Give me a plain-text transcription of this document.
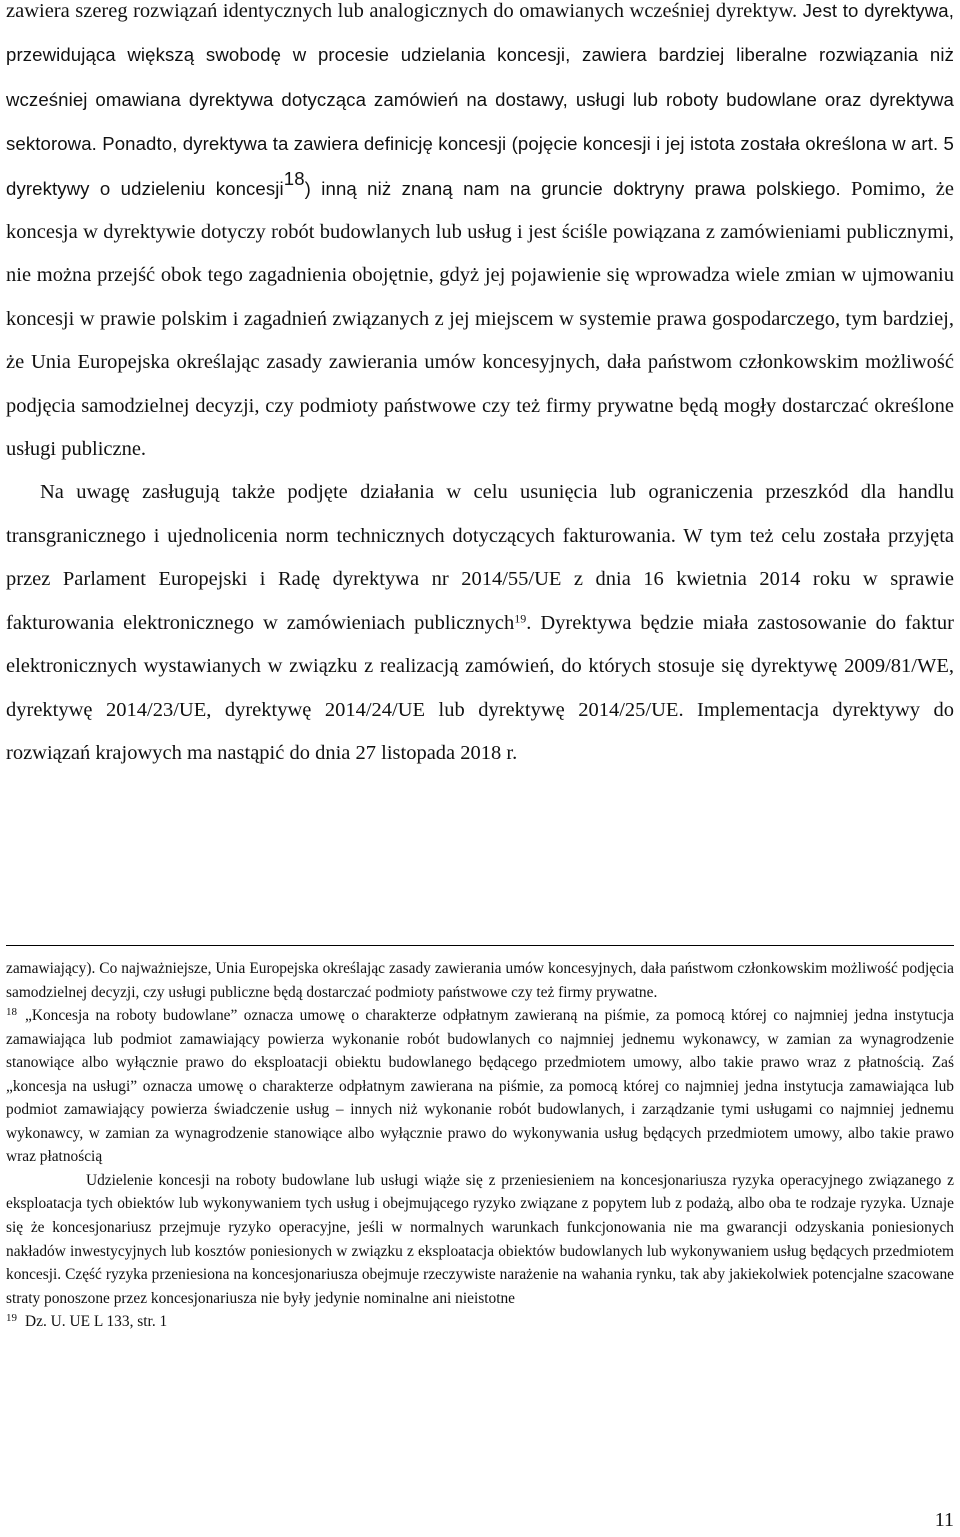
zawiera szereg rozwiązań identycznych lub analogicznych do omawianych wcześniej dyrektyw. Jest to dyrektywa, przewidująca większą swobodę w procesie udzielania koncesji, zawiera bardziej liberalne rozwiązania niż wcześniej omawiana dyrektywa dotycząca zamówień na dostawy, usługi lub roboty budowlane oraz dyrektywa sektorowa. Ponadto, dyrektywa ta zawiera definicję koncesji (pojęcie koncesji i jej istota została określona w art. 5 dyrektywy o udzieleniu koncesji$^{18}$) inną niż znaną nam na gruncie doktryny prawa polskiego. Pomimo, że koncesja w dyrektywie dotyczy robót budowlanych lub usług i jest ściśle powiązana z zamówieniami publicznymi, nie można przejść obok tego zagadnienia obojętnie, gdyż jej pojawienie się wprowadza wiele zmian w ujmowaniu koncesji w prawie polskim i zagadnień związanych z jej miejscem w systemie prawa gospodarczego, tym bardziej, że Unia Europejska określając zasady zawierania umów koncesyjnych, dała państwom członkowskim możliwość podjęcia samodzielnej decyzji, czy podmioty państwowe czy też firmy prywatne będą mogły dostarczać określone usługi publiczne.

Na uwagę zasługują także podjęte działania w celu usunięcia lub ograniczenia przeszkód dla handlu transgranicznego i ujednolicenia norm technicznych dotyczących fakturowania. W tym też celu została przyjęta przez Parlament Europejski i Radę dyrektywa nr 2014/55/UE z dnia 16 kwietnia 2014 roku w sprawie fakturowania elektronicznego w zamówieniach publicznych$^{19}$. Dyrektywa będzie miała zastosowanie do faktur elektronicznych wystawianych w związku z realizacją zamówień, do których stosuje się dyrektywę 2009/81/WE, dyrektywę 2014/23/UE, dyrektywę 2014/24/UE lub dyrektywę 2014/25/UE. Implementacja dyrektywy do rozwiązań krajowych ma nastąpić do dnia 27 listopada 2018 r.

zamawiający). Co najważniejsze, Unia Europejska określając zasady zawierania umów koncesyjnych, dała państwom członkowskim możliwość podjęcia samodzielnej decyzji, czy usługi publiczne będą dostarczać podmioty państwowe czy też firmy prywatne.

$^{18}$ „Koncesja na roboty budowlane” oznacza umowę o charakterze odpłatnym zawieraną na piśmie, za pomocą której co najmniej jedna instytucja zamawiająca lub podmiot zamawiający powierza wykonanie robót budowlanych co najmniej jednemu wykonawcy, w zamian za wynagrodzenie stanowiące albo wyłącznie prawo do eksploatacji obiektu budowlanego będącego przedmiotem umowy, albo takie prawo wraz z płatnością. Zaś „koncesja na usługi” oznacza umowę o charakterze odpłatnym zawierana na piśmie, za pomocą której co najmniej jedna instytucja zamawiająca lub podmiot zamawiający powierza świadczenie usług – innych niż wykonanie robót budowlanych, i zarządzanie tymi usługami co najmniej jednemu wykonawcy, w zamian za wynagrodzenie stanowiące albo wyłącznie prawo do wykonywania usług będących przedmiotem umowy, albo takie prawo wraz płatnością

Udzielenie koncesji na roboty budowlane lub usługi wiąże się z przeniesieniem na koncesjonariusza ryzyka operacyjnego związanego z eksploatacja tych obiektów lub wykonywaniem tych usług i obejmującego ryzyko związane z popytem lub z podażą, albo oba te rodzaje ryzyka. Uznaje się że koncesjonariusz przejmuje ryzyko operacyjne, jeśli w normalnych warunkach funkcjonowania nie ma gwarancji odzyskania poniesionych nakładów inwestycyjnych lub kosztów poniesionych w związku z eksploatacja obiektów budowlanych lub wykonywaniem usług będących przedmiotem koncesji. Część ryzyka przeniesiona na koncesjonariusza obejmuje rzeczywiste narażenie na wahania rynku, tak aby jakiekolwiek potencjalne szacowane straty ponoszone przez koncesjonariusza nie były jedynie nominalne ani nieistotne

$^{19}$ Dz. U. UE L 133, str. 1

11
